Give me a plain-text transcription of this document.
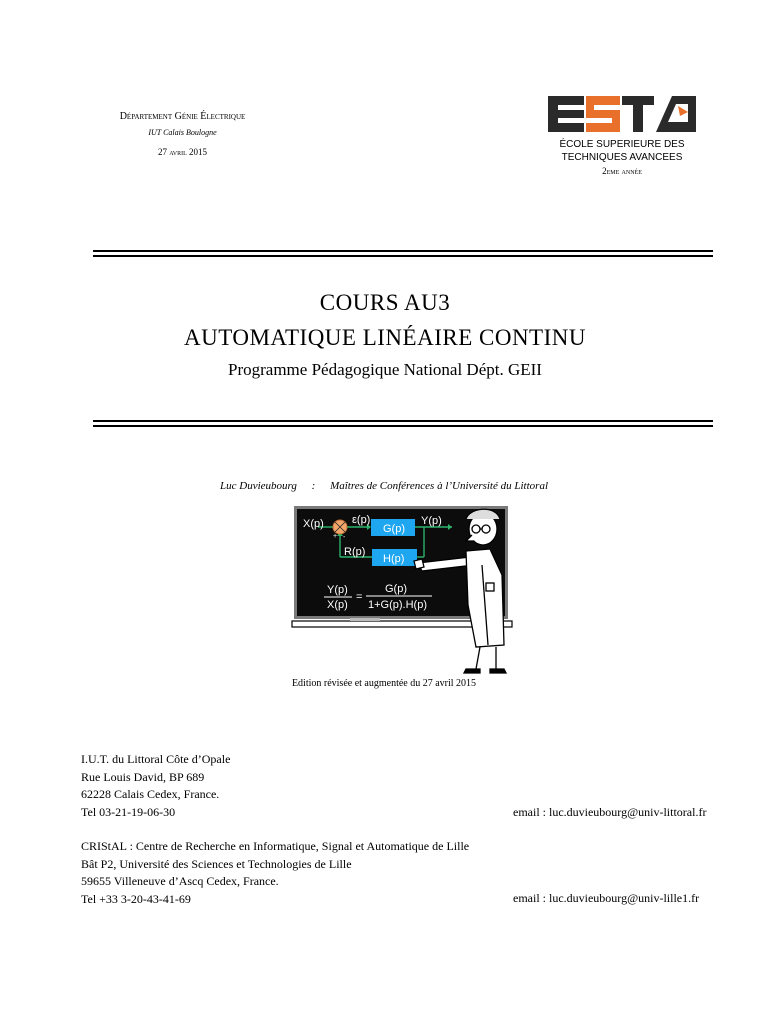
Département Génie Électrique
IUT Calais Boulogne
27 avril 2015
ÉCOLE SUPERIEURE DES
TECHNIQUES AVANCEES
2eme année
COURS AU3
AUTOMATIQUE LINÉAIRE CONTINU
Programme Pédagogique National Dépt. GEII
Luc Duvieubourg : Maîtres de Conférences à l’Université du Littoral
X(p)	ε(p)	Y(p)
G(p)
R(p)
H(p)
Y(p)
X(p)
=
G(p)
1+G(p).H(p)
+ -
Edition révisée et augmentée du 27 avril 2015
I.U.T. du Littoral Côte d’Opale
Rue Louis David, BP 689
62228 Calais Cedex, France.
Tel 03-21-19-06-30	email : luc.duvieubourg@univ-littoral.fr
CRIStAL : Centre de Recherche en Informatique, Signal et Automatique de Lille
Bât P2, Université des Sciences et Technologies de Lille
59655 Villeneuve d’Ascq Cedex, France.
Tel +33 3-20-43-41-69	email : luc.duvieubourg@univ-lille1.fr
